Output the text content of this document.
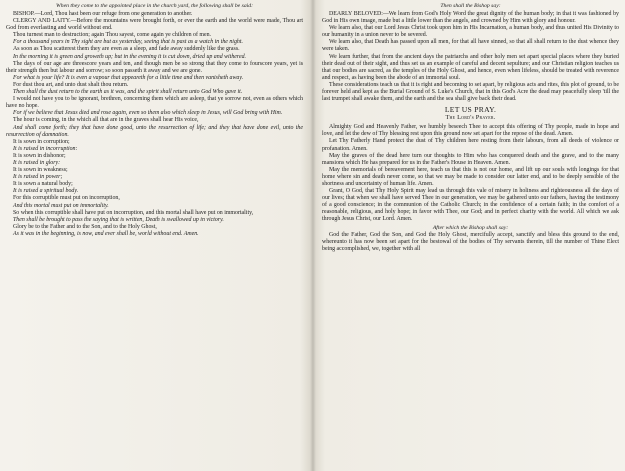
When they come to the appointed place in the church yard, the following shall be said:

BISHOP.—Lord, Thou hast been our refuge from one generation to another.

CLERGY AND LAITY.—Before the mountains were brought forth, or ever the earth and the world were made, Thou art God from everlasting and world without end.

Thou turnest man to destruction; again Thou sayest, come again ye children of men.

For a thousand years in Thy sight are but as yesterday, seeing that is past as a watch in the night.

As soon as Thou scatterest them they are even as a sleep, and fade away suddenly like the grass.

In the morning it is green and groweth up; but in the evening it is cut down, dried up and withered.

The days of our age are threescore years and ten, and though men be so strong that they come to fourscore years, yet is their strength then but labour and sorrow; so soon passeth it away and we are gone.

For what is your life? It is even a vapour that appeareth for a little time and then vanisheth away.

For dust thou art, and unto dust shalt thou return.

Then shall the dust return to the earth as it was, and the spirit shall return unto God Who gave it.

I would not have you to be ignorant, brethren, concerning them which are asleep, that ye sorrow not, even as others which have no hope.

For if we believe that Jesus died and rose again, even so them also which sleep in Jesus, will God bring with Him.

The hour is coming, in the which all that are in the graves shall hear His voice,

And shall come forth; they that have done good, unto the resurrection of life; and they that have done evil, unto the resurrection of damnation.

It is sown in corruption;

It is raised in incorruption:

It is sown in dishonor;

It is raised in glory:

It is sown in weakness;

It is raised in power;

It is sown a natural body;

It is raised a spiritual body.

For this corruptible must put on incorruption,

And this mortal must put on immortality.

So when this corruptible shall have put on incorruption, and this mortal shall have put on immortality,

Then shall be brought to pass the saying that is written, Death is swallowed up in victory.

Glory be to the Father and to the Son, and to the Holy Ghost,

As it was in the beginning, is now, and ever shall be, world without end. Amen.

Then shall the Bishop say:

DEARLY BELOVED:—We learn from God's Holy Word the great dignity of the human body; in that it was fashioned by God in His own image, made but a little lower than the angels, and crowned by Him with glory and honour.

We learn also, that our Lord Jesus Christ took upon him in His Incarnation, a human body, and thus united His Divinity to our humanity in a union never to be severed.

We learn also, that Death has passed upon all men, for that all have sinned, so that all shall return to the dust whence they were taken.

We learn further, that from the ancient days the patriarchs and other holy men set apart special places where they buried their dead out of their sight, and thus set us an example of careful and decent sepulture; and our Christian religion teaches us that our bodies are sacred, as the temples of the Holy Ghost, and hence, even when lifeless, should be treated with reverence and respect, as having been the abode of an immortal soul.

These considerations teach us that it is right and becoming to set apart, by religious acts and rites, this plot of ground, to be forever held and kept as the Burial Ground of S. Luke's Church, that in this God's Acre the dead may peacefully sleep 'till the last trumpet shall awake them, and the earth and the sea shall give back their dead.

LET US PRAY.
The Lord's Prayer.

Almighty God and Heavenly Father, we humbly beseech Thee to accept this offering of Thy people, made in hope and love, and let the dew of Thy blessing rest upon this ground now set apart for the repose of the dead. Amen.

Let Thy Fatherly Hand protect the dust of Thy children here resting from their labours, from all deeds of violence or profanation. Amen.

May the graves of the dead here turn our thoughts to Him who has conquered death and the grave, and to the many mansions which He has prepared for us in the Father's House in Heaven. Amen.

May the memorials of bereavement here, teach us that this is not our home, and lift up our souls with longings for that home where sin and death never come, so that we may be made to consider our latter end, and to be deeply sensible of the shortness and uncertainty of human life. Amen.

Grant, O God, that Thy Holy Spirit may lead us through this vale of misery in holiness and righteousness all the days of our lives; that when we shall have served Thee in our generation, we may be gathered unto our fathers, having the testimony of a good conscience; in the communion of the Catholic Church; in the confidence of a certain faith; in the comfort of a reasonable, religious, and holy hope; in favor with Thee, our God; and in perfect charity with the world. All which we ask through Jesus Christ, our Lord. Amen.

After which the Bishop shall say:

God the Father, God the Son, and God the Holy Ghost, mercifully accept, sanctify and bless this ground to the end, whereunto it has now been set apart for the bestowal of the bodies of Thy servants therein, till the number of Thine Elect being accomplished, we, together with all
